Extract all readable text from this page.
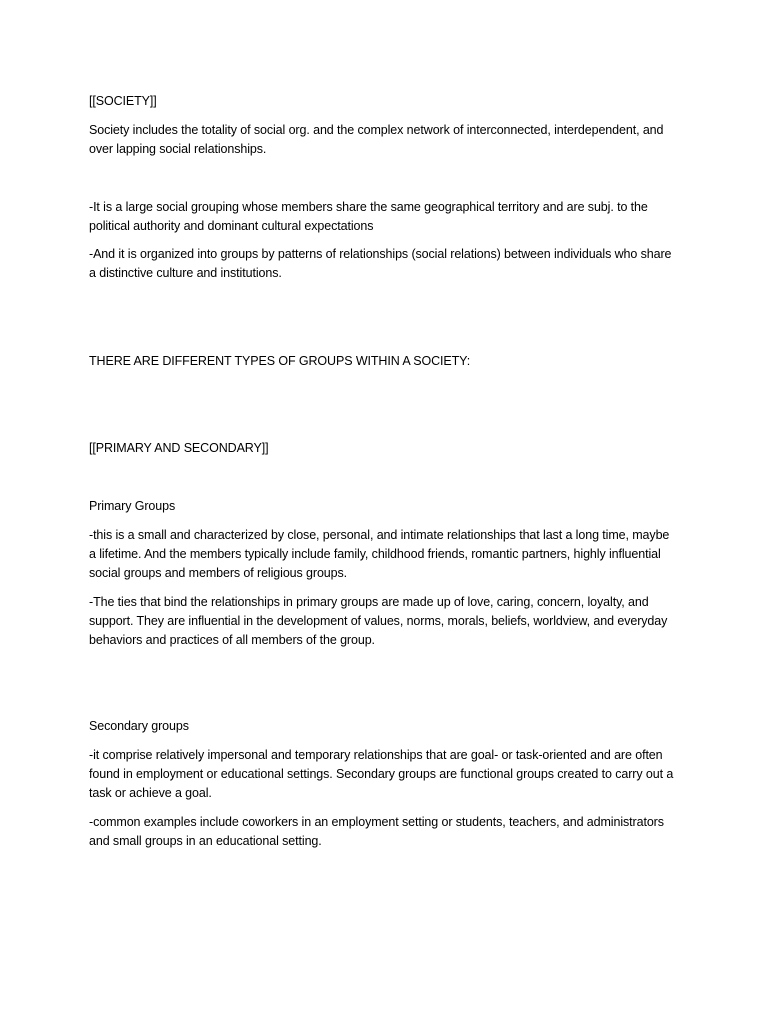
[[SOCIETY]]

Society includes the totality of social org. and the complex network of interconnected, interdependent, and over lapping social relationships.

-It is a large social grouping whose members share the same geographical territory and are subj. to the political authority and dominant cultural expectations

-And it is organized into groups by patterns of relationships (social relations) between individuals who share a distinctive culture and institutions.

THERE ARE DIFFERENT TYPES OF GROUPS WITHIN A SOCIETY:

[[PRIMARY AND SECONDARY]]

Primary Groups

-this is a small and characterized by close, personal, and intimate relationships that last a long time, maybe a lifetime. And the members typically include family, childhood friends, romantic partners, highly influential social groups and members of religious groups.

-The ties that bind the relationships in primary groups are made up of love, caring, concern, loyalty, and support. They are influential in the development of values, norms, morals, beliefs, worldview, and everyday behaviors and practices of all members of the group.

Secondary groups

-it comprise relatively impersonal and temporary relationships that are goal- or task-oriented and are often found in employment or educational settings. Secondary groups are functional groups created to carry out a task or achieve a goal.

-common examples include coworkers in an employment setting or students, teachers, and administrators and small groups in an educational setting.
